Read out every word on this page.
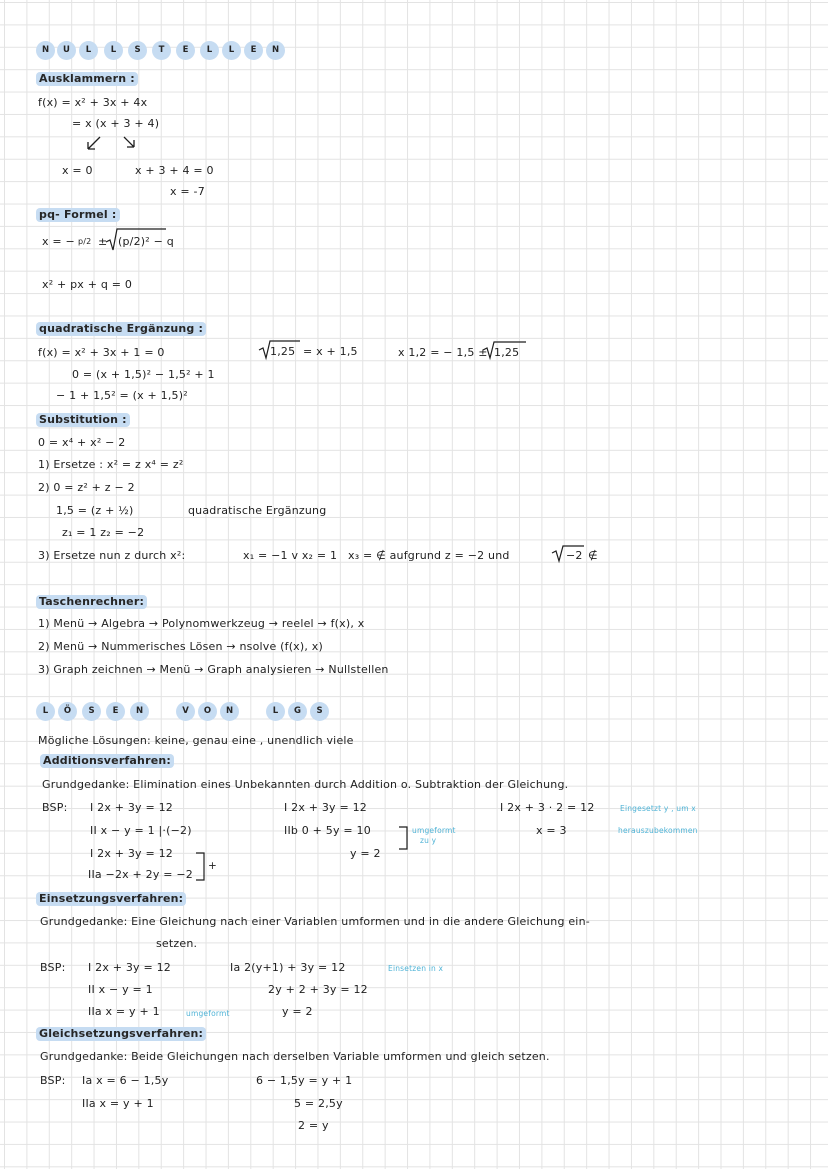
N	U	L	L	S	T	E	L	L	E	N
Ausklammern :
f(x) = x² + 3x + 4x
= x (x + 3 + 4)
x = 0	x + 3 + 4 = 0
x = -7
pq- Formel :
x = − p/2 ± (p/2)² − q
x² + px + q = 0
quadratische Ergänzung :
f(x) = x² + 3x + 1 = 0	1,25 = x + 1,5	x 1,2 = − 1,5 ± 1,25
0 = (x + 1,5)² − 1,5² + 1
− 1 + 1,5² = (x + 1,5)²
Substitution :
0 = x⁴ + x² − 2
1) Ersetze : x² = z x⁴ = z²
2) 0 = z² + z − 2
1,5 = (z + ½)	quadratische Ergänzung
z₁ = 1 z₂ = −2
3) Ersetze nun z durch x²:	x₁ = −1 v x₂ = 1 x₃ = ∉ aufgrund z = −2 und	−2 ∉
Taschenrechner:
1) Menü → Algebra → Polynomwerkzeug → reelel → f(x), x
2) Menü → Nummerisches Lösen → nsolve (f(x), x)
3) Graph zeichnen → Menü → Graph analysieren → Nullstellen
L	Ö	S	E	N	V	O	N	L	G	S
Mögliche Lösungen: keine, genau eine , unendlich viele
Additionsverfahren:
Grundgedanke: Elimination eines Unbekannten durch Addition o. Subtraktion der Gleichung.
BSP: I 2x + 3y = 12
II x − y = 1 |·(−2)
I 2x + 3y = 12
IIa −2x + 2y = −2
+
I 2x + 3y = 12
IIb 0 + 5y = 10	umgeformt
zu y
y = 2
I 2x + 3 · 2 = 12	Eingesetzt y , um x
herauszubekommen
x = 3
Einsetzungsverfahren:
Grundgedanke: Eine Gleichung nach einer Variablen umformen und in die andere Gleichung ein-
setzen.
BSP: I 2x + 3y = 12
II x − y = 1
IIa x = y + 1	umgeformt
Ia 2(y+1) + 3y = 12	Einsetzen in x
2y + 2 + 3y = 12
y = 2
Gleichsetzungsverfahren:
Grundgedanke: Beide Gleichungen nach derselben Variable umformen und gleich setzen.
BSP: Ia x = 6 − 1,5y
IIa x = y + 1
6 − 1,5y = y + 1
5 = 2,5y
2 = y
